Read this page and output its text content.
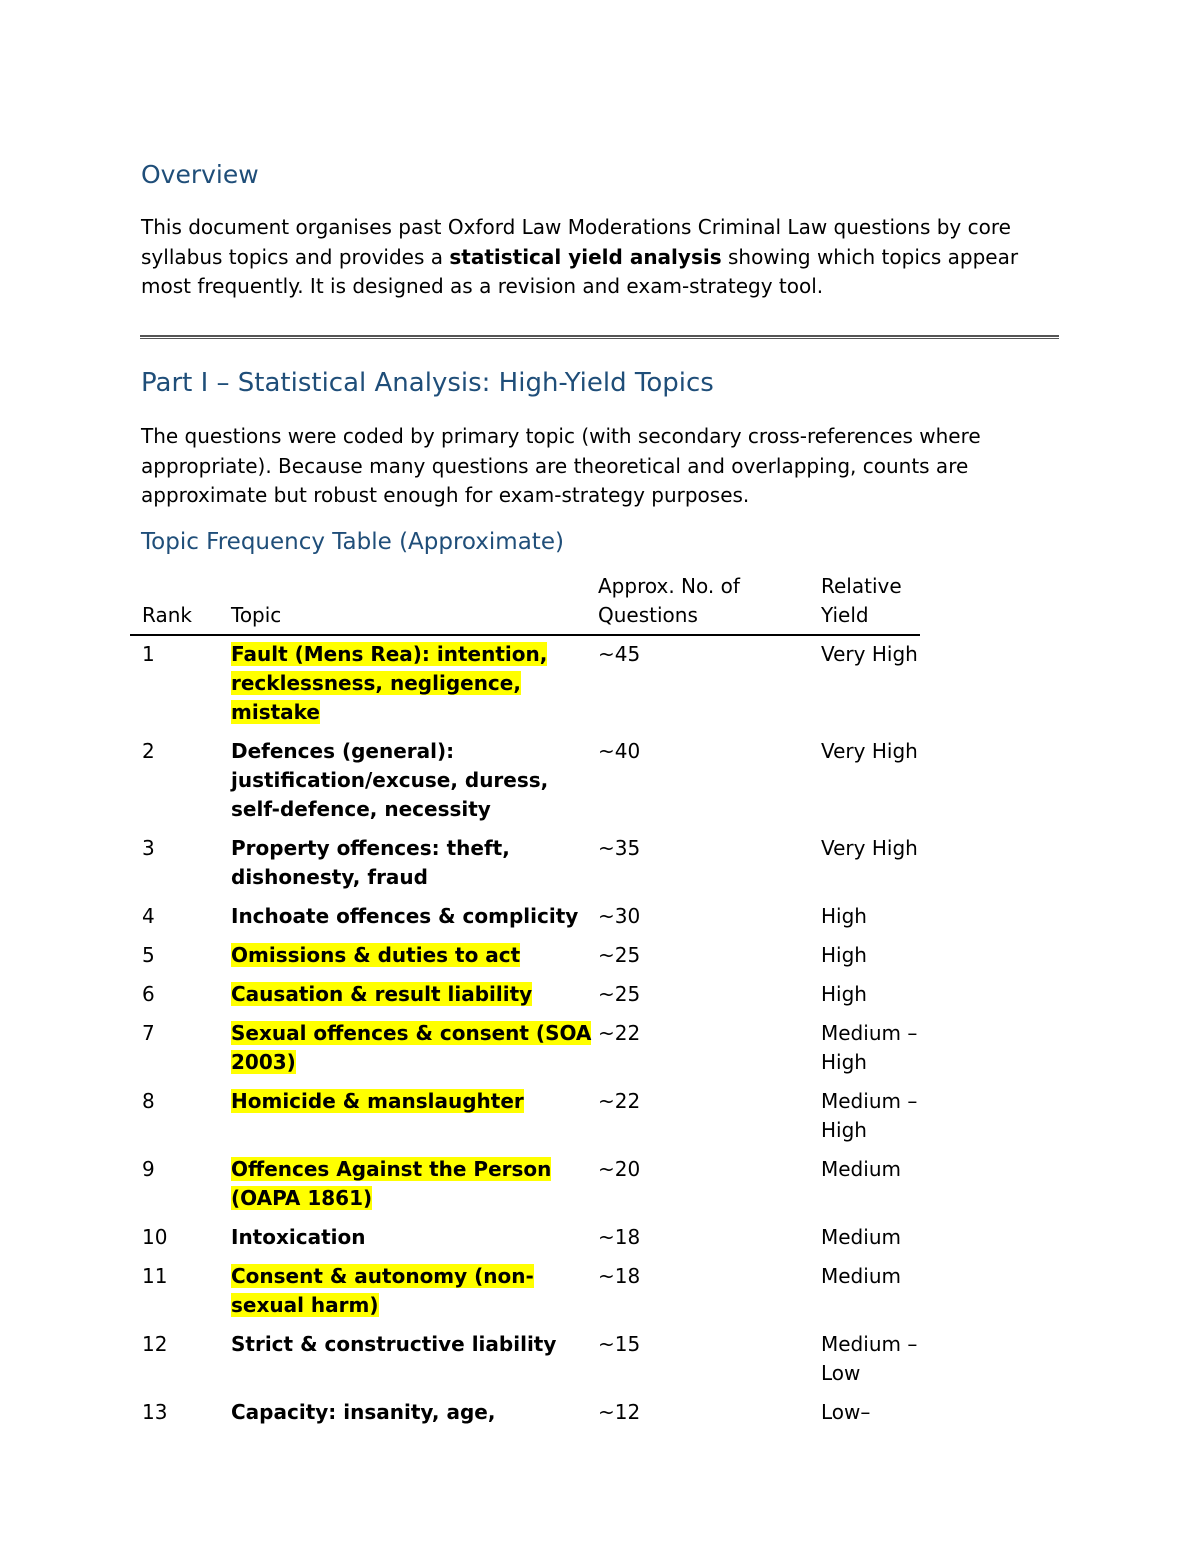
Overview

This document organises past Oxford Law Moderations Criminal Law questions by core syllabus topics and provides a statistical yield analysis showing which topics appear most frequently. It is designed as a revision and exam-strategy tool.

Part I – Statistical Analysis: High-Yield Topics

The questions were coded by primary topic (with secondary cross-references where appropriate). Because many questions are theoretical and overlapping, counts are approximate but robust enough for exam-strategy purposes.

Topic Frequency Table (Approximate)
Rank	Topic	Approx. No. of Questions	Relative Yield
1	Fault (Mens Rea): intention, recklessness, negligence, mistake	~45	Very High
2	Defences (general): justification/excuse, duress, self-defence, necessity	~40	Very High
3	Property offences: theft, dishonesty, fraud	~35	Very High
4	Inchoate offences & complicity	~30	High
5	Omissions & duties to act	~25	High
6	Causation & result liability	~25	High
7	Sexual offences & consent (SOA 2003)	~22	Medium –High
8	Homicide & manslaughter	~22	Medium –High
9	Offences Against the Person (OAPA 1861)	~20	Medium
10	Intoxication	~18	Medium
11	Consent & autonomy (non-sexual harm)	~18	Medium
12	Strict & constructive liability	~15	Medium –Low
13	Capacity: insanity, age,	~12	Low–
